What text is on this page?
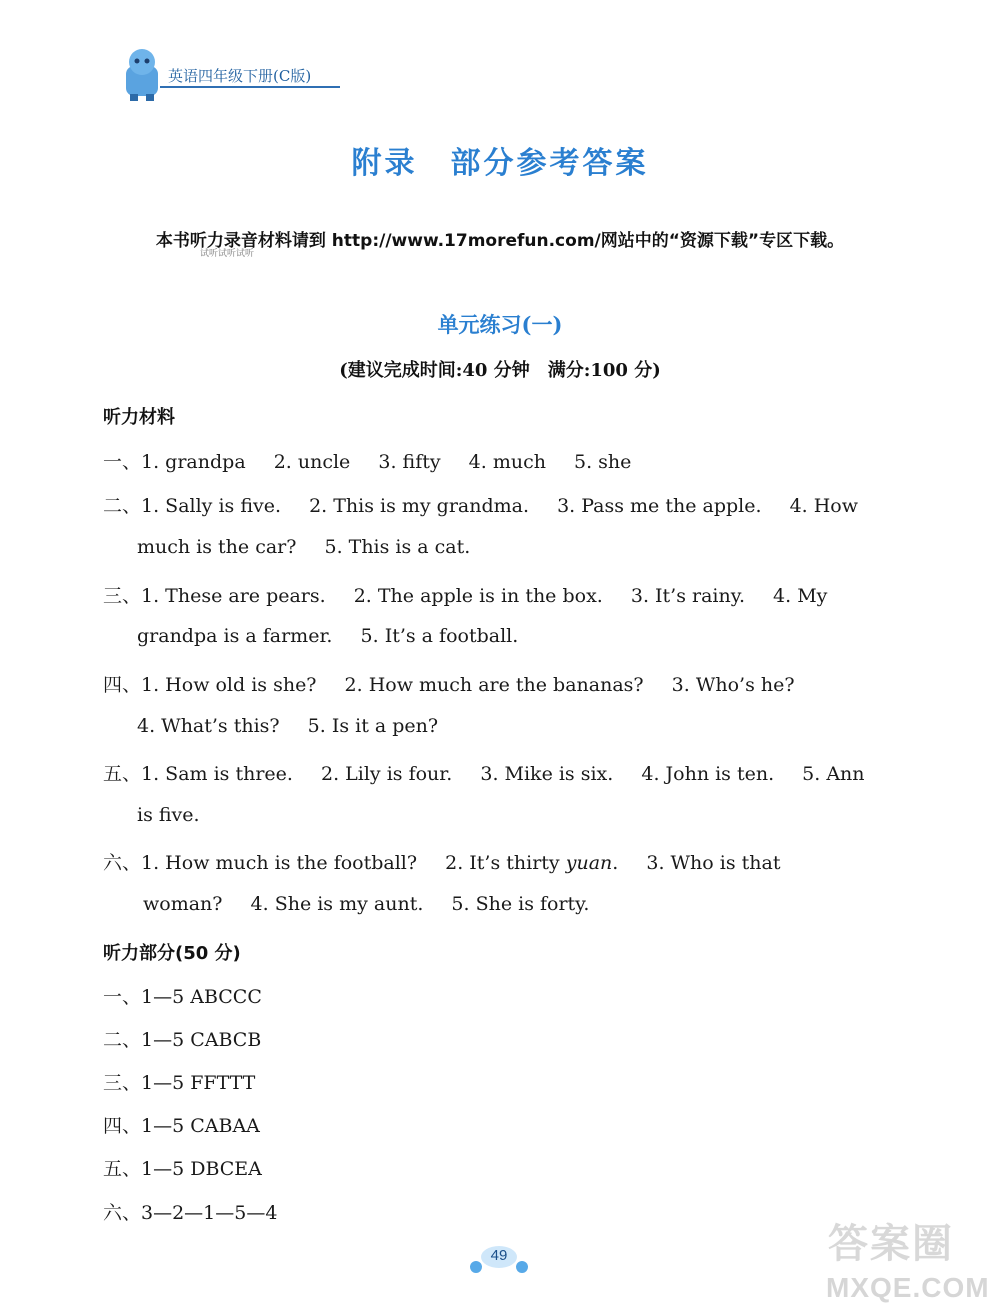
英语四年级下册(C版)
附录　部分参考答案
本书听力录音材料请到 http://www.17morefun.com/网站中的“资源下载”专区下载。
试听试听试听
单元练习(一)
(建议完成时间:40 分钟　满分:100 分)
听力材料
一、1. grandpa 2. uncle 3. fifty 4. much 5. she
二、1. Sally is five. 2. This is my grandma. 3. Pass me the apple. 4. How
much is the car? 5. This is a cat.
三、1. These are pears. 2. The apple is in the box. 3. It’s rainy. 4. My
grandpa is a farmer. 5. It’s a football.
四、1. How old is she? 2. How much are the bananas? 3. Who’s he?
4. What’s this? 5. Is it a pen?
五、1. Sam is three. 2. Lily is four. 3. Mike is six. 4. John is ten. 5. Ann
is five.
六、1. How much is the football? 2. It’s thirty yuan. 3. Who is that
woman? 4. She is my aunt. 5. She is forty.
听力部分(50 分)
一、1—5 ABCCC
二、1—5 CABCB
三、1—5 FFTTT
四、1—5 CABAA
五、1—5 DBCEA
六、3—2—1—5—4
49	答案圈
MXQE.COM
